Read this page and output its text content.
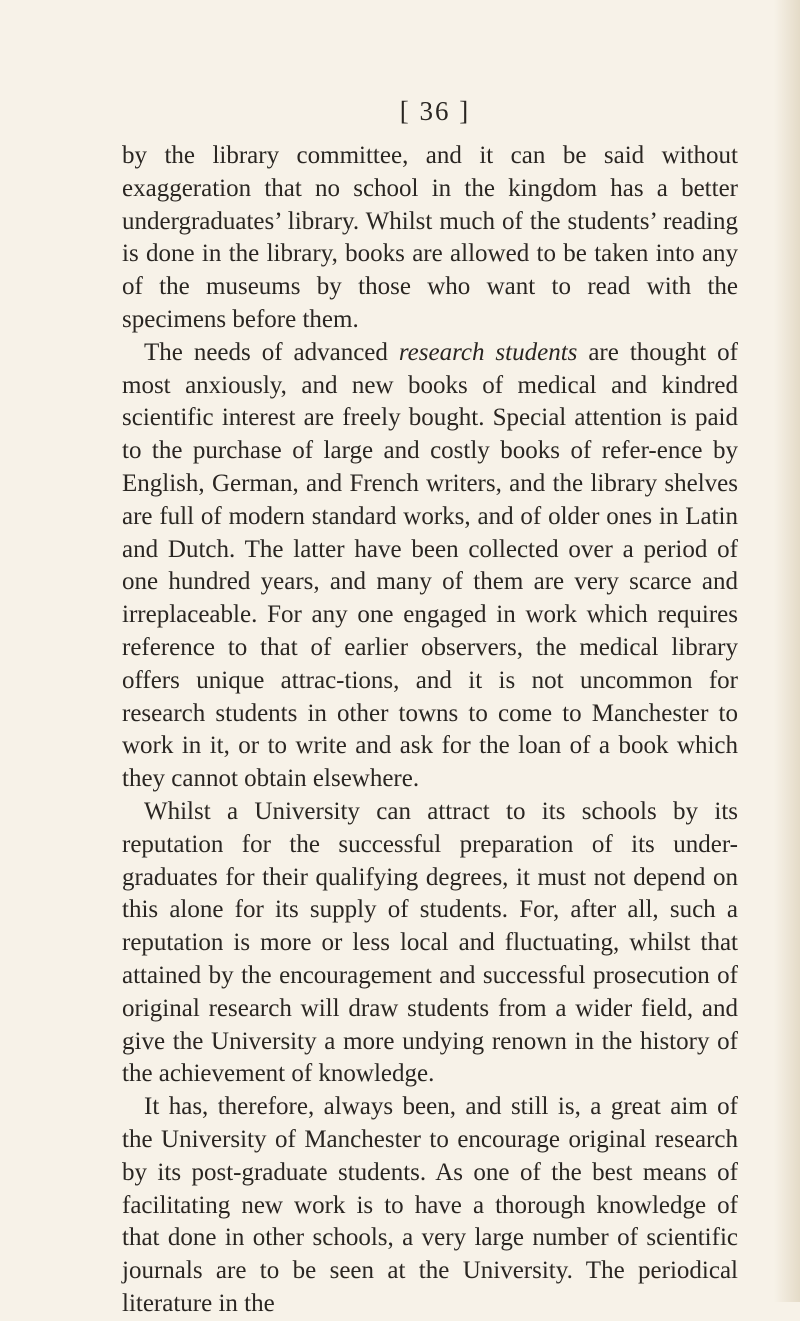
[ 36 ]

by the library committee, and it can be said without exaggeration that no school in the kingdom has a better undergraduates’ library. Whilst much of the students’ reading is done in the library, books are allowed to be taken into any of the museums by those who want to read with the specimens before them.

The needs of advanced research students are thought of most anxiously, and new books of medical and kindred scientific interest are freely bought. Special attention is paid to the purchase of large and costly books of refer-ence by English, German, and French writers, and the library shelves are full of modern standard works, and of older ones in Latin and Dutch. The latter have been collected over a period of one hundred years, and many of them are very scarce and irreplaceable. For any one engaged in work which requires reference to that of earlier observers, the medical library offers unique attrac-tions, and it is not uncommon for research students in other towns to come to Manchester to work in it, or to write and ask for the loan of a book which they cannot obtain elsewhere.

Whilst a University can attract to its schools by its reputation for the successful preparation of its under-graduates for their qualifying degrees, it must not depend on this alone for its supply of students. For, after all, such a reputation is more or less local and fluctuating, whilst that attained by the encouragement and successful prosecution of original research will draw students from a wider field, and give the University a more undying renown in the history of the achievement of knowledge.

It has, therefore, always been, and still is, a great aim of the University of Manchester to encourage original research by its post-graduate students. As one of the best means of facilitating new work is to have a thorough knowledge of that done in other schools, a very large number of scientific journals are to be seen at the University. The periodical literature in the
